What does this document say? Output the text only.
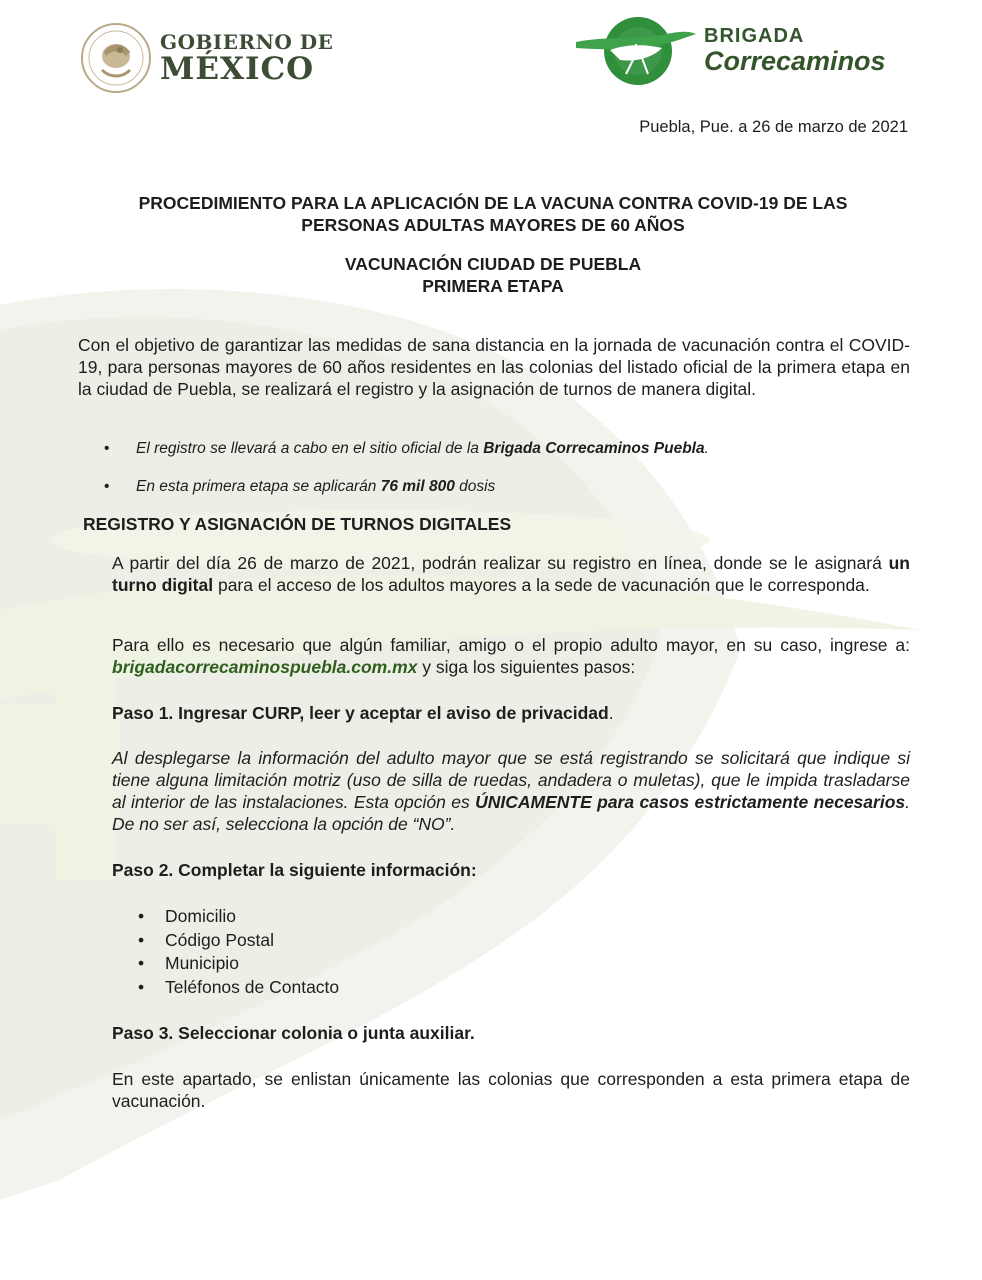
GOBIERNO DE
MÉXICO
BRIGADA
Correcaminos
Puebla, Pue. a 26 de marzo de 2021
PROCEDIMIENTO PARA LA APLICACIÓN DE LA VACUNA CONTRA COVID-19 DE LAS
PERSONAS ADULTAS MAYORES DE 60 AÑOS
VACUNACIÓN CIUDAD DE PUEBLA
PRIMERA ETAPA

Con el objetivo de garantizar las medidas de sana distancia en la jornada de vacunación contra el COVID-19, para personas mayores de 60 años residentes en las colonias del listado oficial de la primera etapa en la ciudad de Puebla, se realizará el registro y la asignación de turnos de manera digital.

• El registro se llevará a cabo en el sitio oficial de la Brigada Correcaminos Puebla.
• En esta primera etapa se aplicarán 76 mil 800 dosis
REGISTRO Y ASIGNACIÓN DE TURNOS DIGITALES

A partir del día 26 de marzo de 2021, podrán realizar su registro en línea, donde se le asignará un turno digital para el acceso de los adultos mayores a la sede de vacunación que le corresponda.

Para ello es necesario que algún familiar, amigo o el propio adulto mayor, en su caso, ingrese a: brigadacorrecaminospuebla.com.mx y siga los siguientes pasos:

Paso 1. Ingresar CURP, leer y aceptar el aviso de privacidad.

Al desplegarse la información del adulto mayor que se está registrando se solicitará que indique si tiene alguna limitación motriz (uso de silla de ruedas, andadera o muletas), que le impida trasladarse al interior de las instalaciones. Esta opción es ÚNICAMENTE para casos estrictamente necesarios. De no ser así, selecciona la opción de “NO”.

Paso 2. Completar la siguiente información:

• Domicilio
• Código Postal
• Municipio
• Teléfonos de Contacto

Paso 3. Seleccionar colonia o junta auxiliar.

En este apartado, se enlistan únicamente las colonias que corresponden a esta primera etapa de vacunación.
